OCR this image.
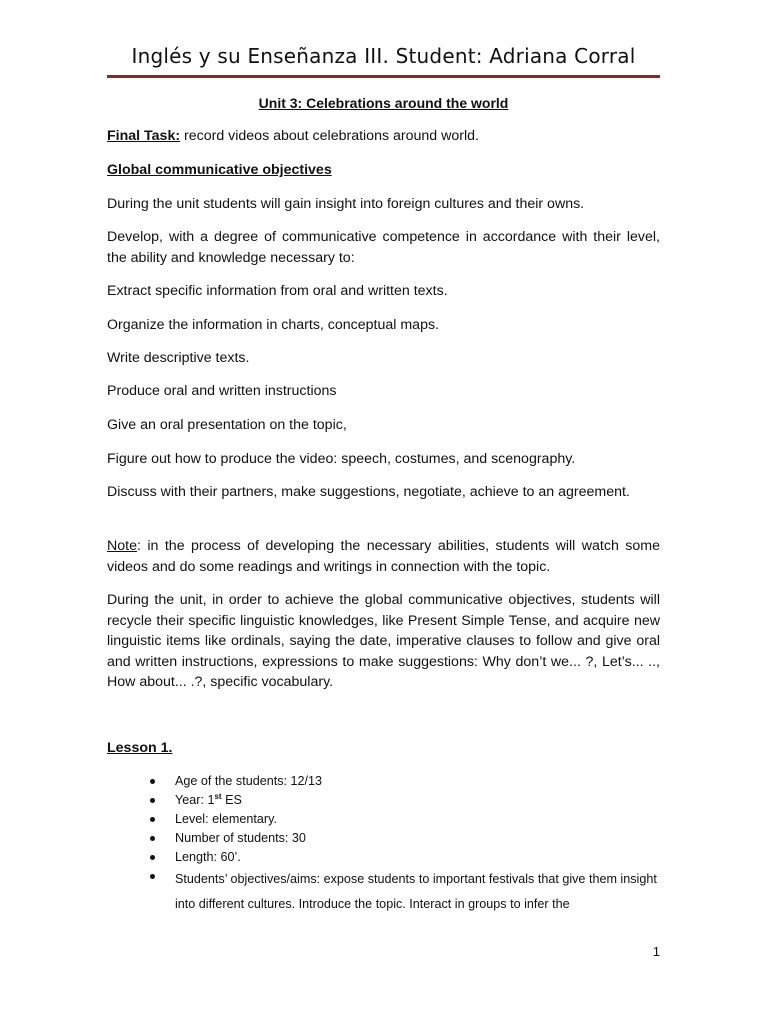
Inglés y su Enseñanza III. Student: Adriana Corral
Unit 3: Celebrations around the world

Final Task: record videos about celebrations around world.

Global communicative objectives

During the unit students will gain insight into foreign cultures and their owns.

Develop, with a degree of communicative competence in accordance with their level, the ability and knowledge necessary to:

Extract specific information from oral and written texts.

Organize the information in charts, conceptual maps.

Write descriptive texts.

Produce oral and written instructions

Give an oral presentation on the topic,

Figure out how to produce the video: speech, costumes, and scenography.

Discuss with their partners, make suggestions, negotiate, achieve to an agreement.

Note: in the process of developing the necessary abilities, students will watch some videos and do some readings and writings in connection with the topic.

During the unit, in order to achieve the global communicative objectives, students will recycle their specific linguistic knowledges, like Present Simple Tense, and acquire new linguistic items like ordinals, saying the date, imperative clauses to follow and give oral and written instructions, expressions to make suggestions: Why don’t we... ?, Let’s... .., How about... .?, specific vocabulary.

Lesson 1.

Age of the students: 12/13
Year: 1st ES
Level: elementary.
Number of students: 30
Length: 60’.
Students’ objectives/aims: expose students to important festivals that give them insight into different cultures. Introduce the topic. Interact in groups to infer the
1
